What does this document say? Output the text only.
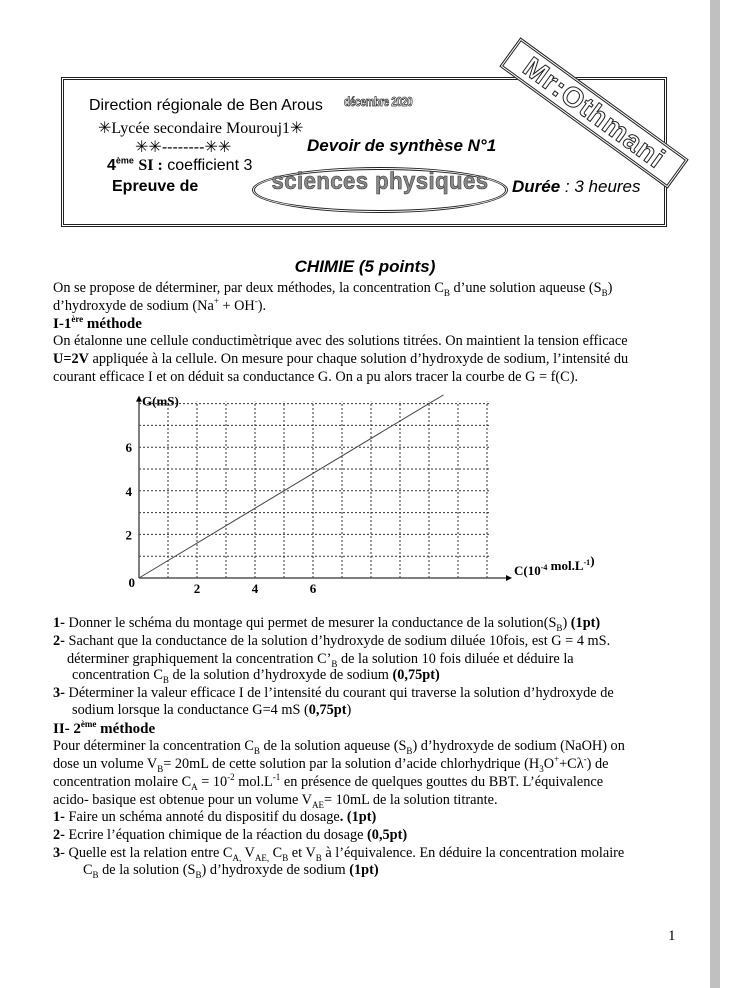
Direction régionale de Ben Arous décembre 2020
✳Lycée secondaire Mourouj1✳
✳✳--------✳✳	Devoir de synthèse N°1
4ème SI : coefficient 3
Epreuve de	sciences physiques Durée : 3 heures
Mr:Othmani
CHIMIE (5 points)
On se propose de déterminer, par deux méthodes, la concentration $C_B$ d’une solution aqueuse $(S_B)$
d’hydroxyde de sodium (Na+ + OH-).
I-1ère méthode
On étalonne une cellule conductimètrique avec des solutions titrées. On maintient la tension efficace
U=2V appliquée à la cellule. On mesure pour chaque solution d’hydroxyde de sodium, l’intensité du
courant efficace I et on déduit sa conductance G. On a pu alors tracer la courbe de G = f(C).
2	4	6
2
4
6
0
G(mS)
$C(10^{-4}$ $mol.L^{-1}$)
1- Donner le schéma du montage qui permet de mesurer la conductance de la $solution(S_B)$ (1pt)
2- Sachant que la conductance de la solution d’hydroxyde de sodium diluée 10fois, est G = 4 mS.
déterminer graphiquement la concentration $C’_B$ de la solution 10 fois diluée et déduire la
concentration $C_B$ de la solution d’hydroxyde de sodium (0,75pt)
3- Déterminer la valeur efficace I de l’intensité du courant qui traverse la solution d’hydroxyde de
sodium lorsque la conductance G=4 mS (0,75pt)
II- 2ème méthode
Pour déterminer la concentration $C_B$ de la solution aqueuse $(S_B)$ d’hydroxyde de sodium (NaOH) on
dose un volume $V_B= 20mL$ de cette solution par la solution d’acide chlorhydrique $(H_3O^++C\lambda^-)$ de
concentration molaire $C_A = 10^{-2}$ $mol.L^{-1}$ en présence de quelques gouttes du BBT. L’équivalence
acido- basique est obtenue pour un volume $V_{AE}= 10mL$ de la solution titrante.
1- Faire un schéma annoté du dispositif du dosage. (1pt)
2- Ecrire l’équation chimique de la réaction du dosage (0,5pt)
3- Quelle est la relation entre $C_{A,}$ $V_{AE,}$ $C_B$ et $V_B$ à l’équivalence. En déduire la concentration molaire
$C_B$ de la solution $(S_B)$ d’hydroxyde de sodium (1pt)
1
